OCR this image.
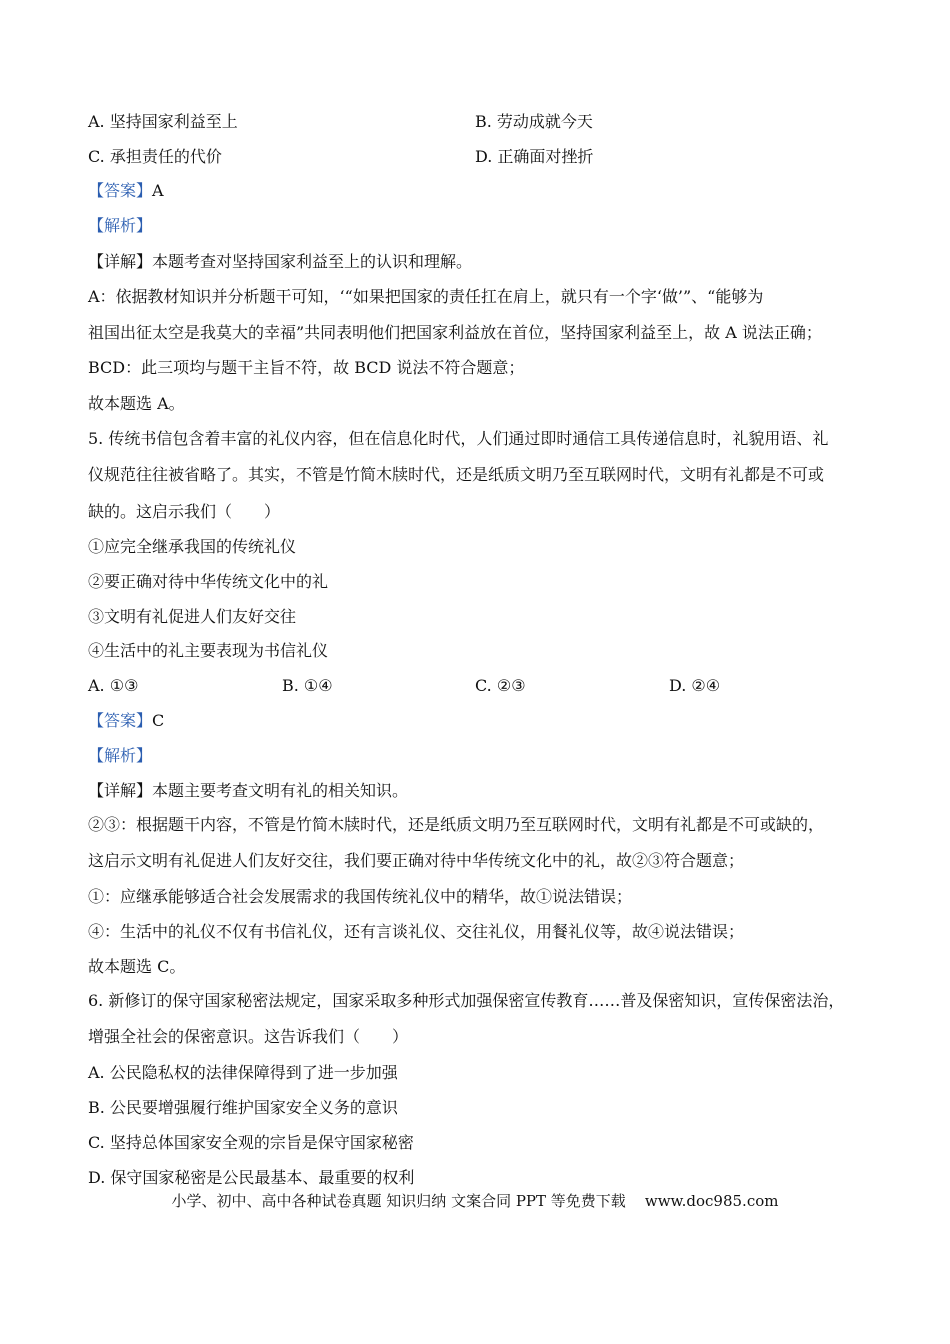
A. 坚持国家利益至上	B. 劳动成就今天
C. 承担责任的代价	D. 正确面对挫折
【答案】A
【解析】
【详解】本题考查对坚持国家利益至上的认识和理解。
A：依据教材知识并分析题干可知，‘“如果把国家的责任扛在肩上，就只有一个字‘做’”、“能够为
祖国出征太空是我莫大的幸福”共同表明他们把国家利益放在首位，坚持国家利益至上，故 A 说法正确；
BCD：此三项均与题干主旨不符，故 BCD 说法不符合题意；
故本题选 A。
5. 传统书信包含着丰富的礼仪内容，但在信息化时代，人们通过即时通信工具传递信息时，礼貌用语、礼
仪规范往往被省略了。其实，不管是竹简木牍时代，还是纸质文明乃至互联网时代，文明有礼都是不可或
缺的。这启示我们（　　）
①应完全继承我国的传统礼仪
②要正确对待中华传统文化中的礼
③文明有礼促进人们友好交往
④生活中的礼主要表现为书信礼仪
A. ①③	B. ①④	C. ②③	D. ②④
【答案】C
【解析】
【详解】本题主要考查文明有礼的相关知识。
②③：根据题干内容，不管是竹简木牍时代，还是纸质文明乃至互联网时代，文明有礼都是不可或缺的，
这启示文明有礼促进人们友好交往，我们要正确对待中华传统文化中的礼，故②③符合题意；
①：应继承能够适合社会发展需求的我国传统礼仪中的精华，故①说法错误；
④：生活中的礼仪不仅有书信礼仪，还有言谈礼仪、交往礼仪，用餐礼仪等，故④说法错误；
故本题选 C。
6. 新修订的保守国家秘密法规定，国家采取多种形式加强保密宣传教育……普及保密知识，宣传保密法治，
增强全社会的保密意识。这告诉我们（　　）
A. 公民隐私权的法律保障得到了进一步加强
B. 公民要增强履行维护国家安全义务的意识
C. 坚持总体国家安全观的宗旨是保守国家秘密
D. 保守国家秘密是公民最基本、最重要的权利
小学、初中、高中各种试卷真题 知识归纳 文案合同 PPT 等免费下载 www.doc985.com
